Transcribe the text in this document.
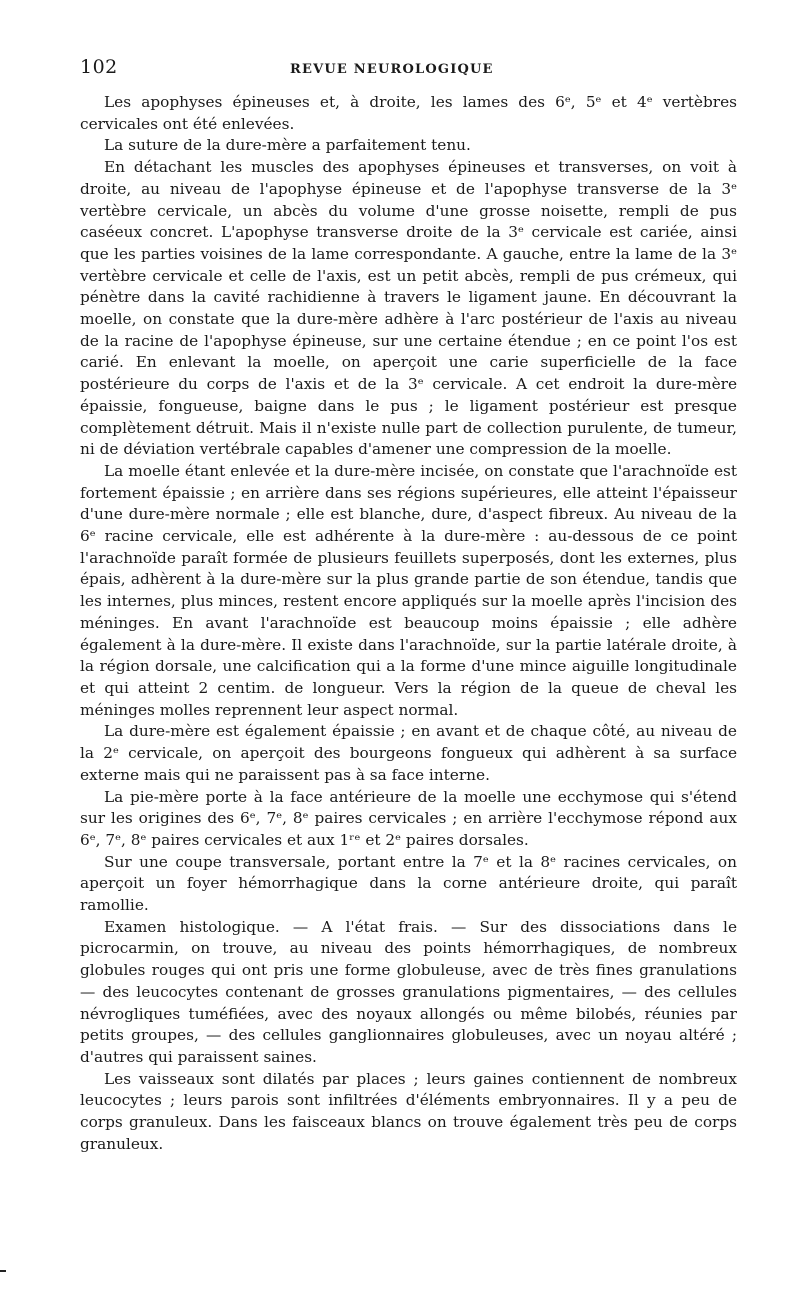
102	REVUE NEUROLOGIQUE

Les apophyses épineuses et, à droite, les lames des 6ᵉ, 5ᵉ et 4ᵉ vertèbres cervicales ont été enlevées.

La suture de la dure-mère a parfaitement tenu.

En détachant les muscles des apophyses épineuses et transverses, on voit à droite, au niveau de l'apophyse épineuse et de l'apophyse transverse de la 3ᵉ vertèbre cervicale, un abcès du volume d'une grosse noisette, rempli de pus caséeux concret. L'apophyse transverse droite de la 3ᵉ cervicale est cariée, ainsi que les parties voisines de la lame correspondante. A gauche, entre la lame de la 3ᵉ vertèbre cervicale et celle de l'axis, est un petit abcès, rempli de pus crémeux, qui pénètre dans la cavité rachidienne à travers le ligament jaune. En découvrant la moelle, on constate que la dure-mère adhère à l'arc postérieur de l'axis au niveau de la racine de l'apophyse épineuse, sur une certaine étendue ; en ce point l'os est carié. En enlevant la moelle, on aperçoit une carie superficielle de la face postérieure du corps de l'axis et de la 3ᵉ cervicale. A cet endroit la dure-mère épaissie, fongueuse, baigne dans le pus ; le ligament postérieur est presque complètement détruit. Mais il n'existe nulle part de collection purulente, de tumeur, ni de déviation vertébrale capables d'amener une compression de la moelle.

La moelle étant enlevée et la dure-mère incisée, on constate que l'arachnoïde est fortement épaissie ; en arrière dans ses régions supérieures, elle atteint l'épaisseur d'une dure-mère normale ; elle est blanche, dure, d'aspect fibreux. Au niveau de la 6ᵉ racine cervicale, elle est adhérente à la dure-mère : au-dessous de ce point l'arachnoïde paraît formée de plusieurs feuillets superposés, dont les externes, plus épais, adhèrent à la dure-mère sur la plus grande partie de son étendue, tandis que les internes, plus minces, restent encore appliqués sur la moelle après l'incision des méninges. En avant l'arachnoïde est beaucoup moins épaissie ; elle adhère également à la dure-mère. Il existe dans l'arachnoïde, sur la partie latérale droite, à la région dorsale, une calcification qui a la forme d'une mince aiguille longitudinale et qui atteint 2 centim. de longueur. Vers la région de la queue de cheval les méninges molles reprennent leur aspect normal.

La dure-mère est également épaissie ; en avant et de chaque côté, au niveau de la 2ᵉ cervicale, on aperçoit des bourgeons fongueux qui adhèrent à sa surface externe mais qui ne paraissent pas à sa face interne.

La pie-mère porte à la face antérieure de la moelle une ecchymose qui s'étend sur les origines des 6ᵉ, 7ᵉ, 8ᵉ paires cervicales ; en arrière l'ecchymose répond aux 6ᵉ, 7ᵉ, 8ᵉ paires cervicales et aux 1ʳᵉ et 2ᵉ paires dorsales.

Sur une coupe transversale, portant entre la 7ᵉ et la 8ᵉ racines cervicales, on aperçoit un foyer hémorrhagique dans la corne antérieure droite, qui paraît ramollie.

Examen histologique. — A l'état frais. — Sur des dissociations dans le picrocarmin, on trouve, au niveau des points hémorrhagiques, de nombreux globules rouges qui ont pris une forme globuleuse, avec de très fines granulations — des leucocytes contenant de grosses granulations pigmentaires, — des cellules névrogliques tuméfiées, avec des noyaux allongés ou même bilobés, réunies par petits groupes, — des cellules ganglionnaires globuleuses, avec un noyau altéré ; d'autres qui paraissent saines.

Les vaisseaux sont dilatés par places ; leurs gaines contiennent de nombreux leucocytes ; leurs parois sont infiltrées d'éléments embryonnaires. Il y a peu de corps granuleux. Dans les faisceaux blancs on trouve également très peu de corps granuleux.
